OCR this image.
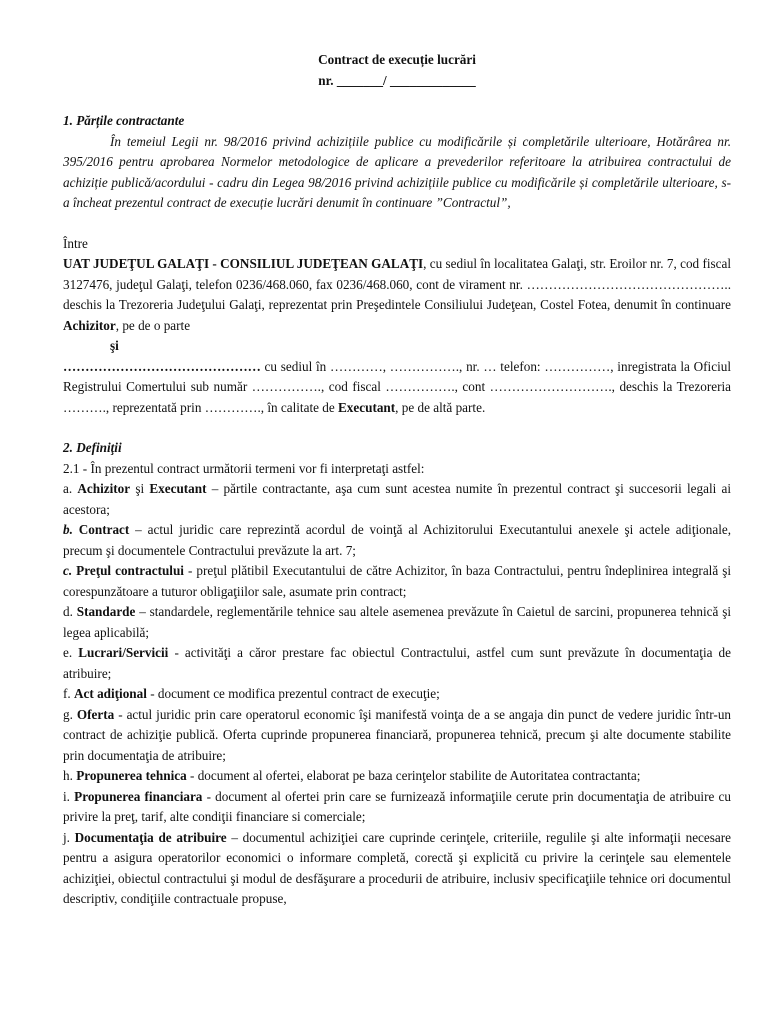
Contract de execuție lucrări

nr. _______/ _____________

1. Părțile contractante

În temeiul Legii nr. 98/2016 privind achizițiile publice cu modificările și completările ulterioare, Hotărârea nr. 395/2016 pentru aprobarea Normelor metodologice de aplicare a prevederilor referitoare la atribuirea contractului de achiziție publică/acordului - cadru din Legea 98/2016 privind achizițiile publice cu modificările și completările ulterioare, s-a încheat prezentul contract de execuție lucrări denumit în continuare ”Contractul”,

Între

UAT JUDEŢUL GALAŢI - CONSILIUL JUDEŢEAN GALAŢI, cu sediul în localitatea Galaţi, str. Eroilor nr. 7, cod fiscal 3127476, judeţul Galaţi, telefon 0236/468.060, fax 0236/468.060, cont de virament nr. ……………………………………….. deschis la Trezoreria Judeţului Galaţi, reprezentat prin Preşedintele Consiliului Judeţean, Costel Fotea, denumit în continuare Achizitor, pe de o parte

şi

……………………………………… cu sediul în …………, ……………., nr. … telefon: ……………, inregistrata la Oficiul Registrului Comertului sub număr ……………., cod fiscal ……………., cont ………………………., deschis la Trezoreria ………., reprezentată prin …………., în calitate de Executant, pe de altă parte.

2. Definiţii

2.1 - În prezentul contract următorii termeni vor fi interpretaţi astfel:

a. Achizitor şi Executant – părtile contractante, aşa cum sunt acestea numite în prezentul contract şi succesorii legali ai acestora;

b. Contract – actul juridic care reprezintă acordul de voinţă al Achizitorului Executantului anexele şi actele adiţionale, precum şi documentele Contractului prevăzute la art. 7;

c. Preţul contractului - preţul plătibil Executantului de către Achizitor, în baza Contractului, pentru îndeplinirea integrală şi corespunzătoare a tuturor obligaţiilor sale, asumate prin contract;

d. Standarde – standardele, reglementările tehnice sau altele asemenea prevăzute în Caietul de sarcini, propunerea tehnică şi legea aplicabilă;

e. Lucrari/Servicii - activităţi a căror prestare fac obiectul Contractului, astfel cum sunt prevăzute în documentaţia de atribuire;

f. Act adiţional - document ce modifica prezentul contract de execuţie;

g. Oferta - actul juridic prin care operatorul economic îşi manifestă voinţa de a se angaja din punct de vedere juridic într-un contract de achiziţie publică. Oferta cuprinde propunerea financiară, propunerea tehnică, precum şi alte documente stabilite prin documentaţia de atribuire;

h. Propunerea tehnica - document al ofertei, elaborat pe baza cerinţelor stabilite de Autoritatea contractanta;

i. Propunerea financiara - document al ofertei prin care se furnizează informaţiile cerute prin documentaţia de atribuire cu privire la preţ, tarif, alte condiţii financiare si comerciale;

j. Documentaţia de atribuire – documentul achiziţiei care cuprinde cerinţele, criteriile, regulile şi alte informaţii necesare pentru a asigura operatorilor economici o informare completă, corectă şi explicită cu privire la cerinţele sau elementele achiziţiei, obiectul contractului şi modul de desfăşurare a procedurii de atribuire, inclusiv specificaţiile tehnice ori documentul descriptiv, condiţiile contractuale propuse,
